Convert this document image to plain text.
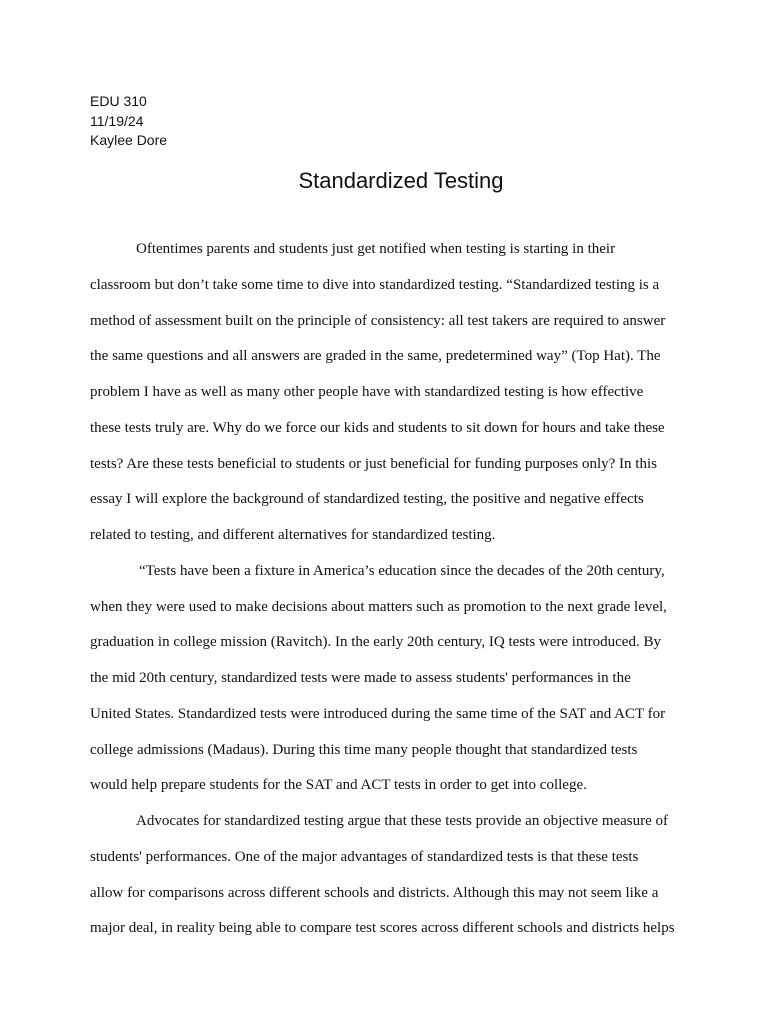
EDU 310
11/19/24
Kaylee Dore
Standardized Testing
Oftentimes parents and students just get notified when testing is starting in their
classroom but don’t take some time to dive into standardized testing. “Standardized testing is a
method of assessment built on the principle of consistency: all test takers are required to answer
the same questions and all answers are graded in the same, predetermined way” (Top Hat). The
problem I have as well as many other people have with standardized testing is how effective
these tests truly are. Why do we force our kids and students to sit down for hours and take these
tests? Are these tests beneficial to students or just beneficial for funding purposes only? In this
essay I will explore the background of standardized testing, the positive and negative effects
related to testing, and different alternatives for standardized testing.
“Tests have been a fixture in America’s education since the decades of the 20th century,
when they were used to make decisions about matters such as promotion to the next grade level,
graduation in college mission (Ravitch). In the early 20th century, IQ tests were introduced. By
the mid 20th century, standardized tests were made to assess students' performances in the
United States. Standardized tests were introduced during the same time of the SAT and ACT for
college admissions (Madaus). During this time many people thought that standardized tests
would help prepare students for the SAT and ACT tests in order to get into college.
Advocates for standardized testing argue that these tests provide an objective measure of
students' performances. One of the major advantages of standardized tests is that these tests
allow for comparisons across different schools and districts. Although this may not seem like a
major deal, in reality being able to compare test scores across different schools and districts helps
